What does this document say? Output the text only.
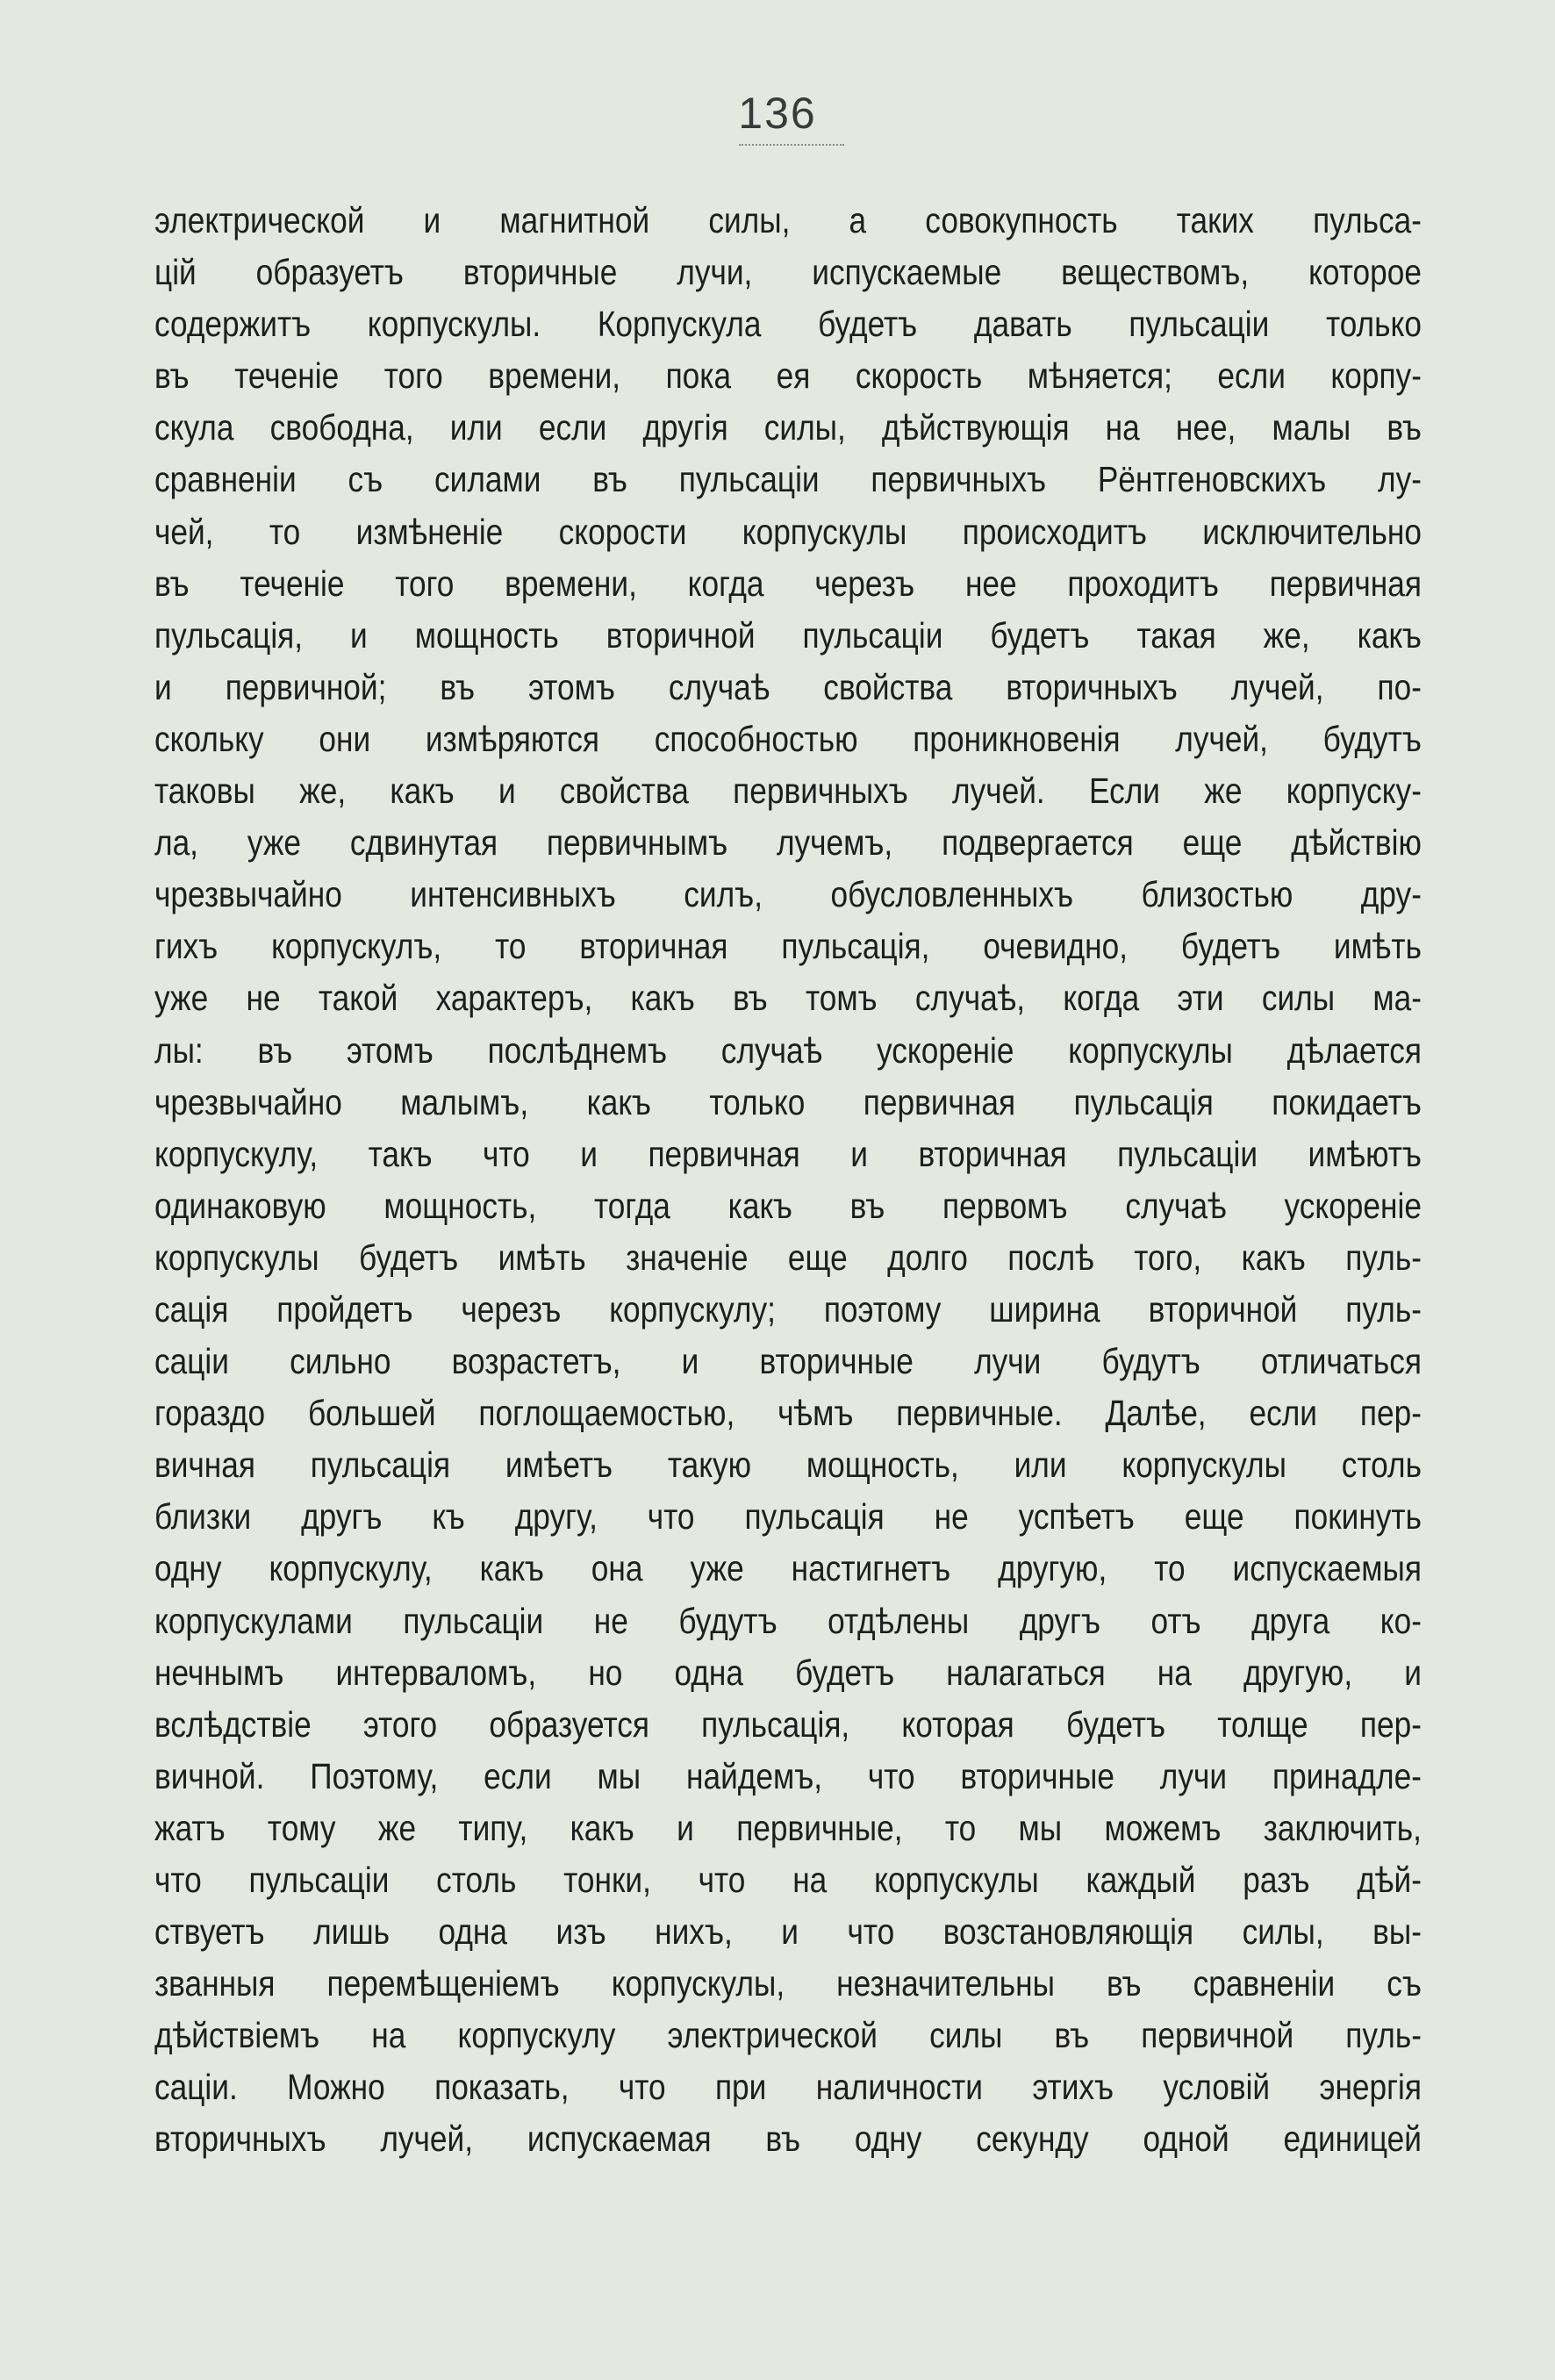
136
электрической и магнитной силы, а совокупность таких пульса-
цій образуетъ вторичные лучи, испускаемые веществомъ, которое
содержитъ корпускулы. Корпускула будетъ давать пульсаціи только
въ теченіе того времени, пока ея скорость мѣняется; если корпу-
скула свободна, или если другія силы, дѣйствующія на нее, малы въ
сравненіи съ силами въ пульсаціи первичныхъ Рёнтгеновскихъ лу-
чей, то измѣненіе скорости корпускулы происходитъ исключительно
въ теченіе того времени, когда черезъ нее проходитъ первичная
пульсація, и мощность вторичной пульсаціи будетъ такая же, какъ
и первичной; въ этомъ случаѣ свойства вторичныхъ лучей, по-
скольку они измѣряются способностью проникновенія лучей, будутъ
таковы же, какъ и свойства первичныхъ лучей. Если же корпуску-
ла, уже сдвинутая первичнымъ лучемъ, подвергается еще дѣйствію
чрезвычайно интенсивныхъ силъ, обусловленныхъ близостью дру-
гихъ корпускулъ, то вторичная пульсація, очевидно, будетъ имѣть
уже не такой характеръ, какъ въ томъ случаѣ, когда эти силы ма-
лы: въ этомъ послѣднемъ случаѣ ускореніе корпускулы дѣлается
чрезвычайно малымъ, какъ только первичная пульсація покидаетъ
корпускулу, такъ что и первичная и вторичная пульсаціи имѣютъ
одинаковую мощность, тогда какъ въ первомъ случаѣ ускореніе
корпускулы будетъ имѣть значеніе еще долго послѣ того, какъ пуль-
сація пройдетъ черезъ корпускулу; поэтому ширина вторичной пуль-
саціи сильно возрастетъ, и вторичные лучи будутъ отличаться
гораздо большей поглощаемостью, чѣмъ первичные. Далѣе, если пер-
вичная пульсація имѣетъ такую мощность, или корпускулы столь
близки другъ къ другу, что пульсація не успѣетъ еще покинуть
одну корпускулу, какъ она уже настигнетъ другую, то испускаемыя
корпускулами пульсаціи не будутъ отдѣлены другъ отъ друга ко-
нечнымъ интерваломъ, но одна будетъ налагаться на другую, и
вслѣдствіе этого образуется пульсація, которая будетъ толще пер-
вичной. Поэтому, если мы найдемъ, что вторичные лучи принадле-
жатъ тому же типу, какъ и первичные, то мы можемъ заключить,
что пульсаціи столь тонки, что на корпускулы каждый разъ дѣй-
ствуетъ лишь одна изъ нихъ, и что возстановляющія силы, вы-
званныя перемѣщеніемъ корпускулы, незначительны въ сравненіи съ
дѣйствіемъ на корпускулу электрической силы въ первичной пуль-
саціи. Можно показать, что при наличности этихъ условій энергія
вторичныхъ лучей, испускаемая въ одну секунду одной единицей
